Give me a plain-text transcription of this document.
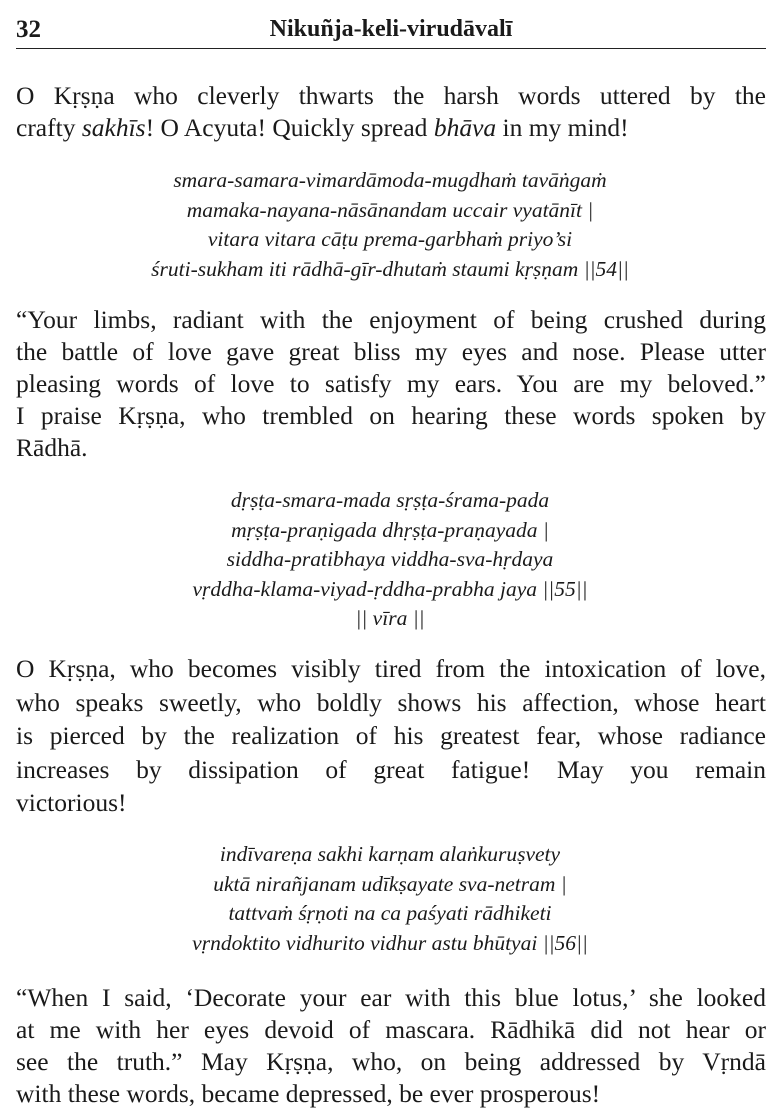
32	Nikuñja-keli-virudāvalī
O Kṛṣṇa who cleverly thwarts the harsh words uttered by the
crafty sakhīs! O Acyuta! Quickly spread bhāva in my mind!
smara-samara-vimardāmoda-mugdhaṁ tavāṅgaṁ
mamaka-nayana-nāsānandam uccair vyatānīt |
vitara vitara cāṭu prema-garbhaṁ priyo’si
śruti-sukham iti rādhā-gīr-dhutaṁ staumi kṛṣṇam ||54||
“Your limbs, radiant with the enjoyment of being crushed during
the battle of love gave great bliss my eyes and nose. Please utter
pleasing words of love to satisfy my ears. You are my beloved.”
I praise Kṛṣṇa, who trembled on hearing these words spoken by
Rādhā.
dṛṣṭa-smara-mada sṛṣṭa-śrama-pada
mṛṣṭa-praṇigada dhṛṣṭa-praṇayada |
siddha-pratibhaya viddha-sva-hṛdaya
vṛddha-klama-viyad-ṛddha-prabha jaya ||55||
|| vīra ||
O Kṛṣṇa, who becomes visibly tired from the intoxication of love,
who speaks sweetly, who boldly shows his affection, whose heart
is pierced by the realization of his greatest fear, whose radiance
increases by dissipation of great fatigue! May you remain
victorious!
indīvareṇa sakhi karṇam alaṅkuruṣvety
uktā nirañjanam udīkṣayate sva-netram |
tattvaṁ śṛṇoti na ca paśyati rādhiketi
vṛndoktito vidhurito vidhur astu bhūtyai ||56||
“When I said, ‘Decorate your ear with this blue lotus,’ she looked
at me with her eyes devoid of mascara. Rādhikā did not hear or
see the truth.” May Kṛṣṇa, who, on being addressed by Vṛndā
with these words, became depressed, be ever prosperous!
